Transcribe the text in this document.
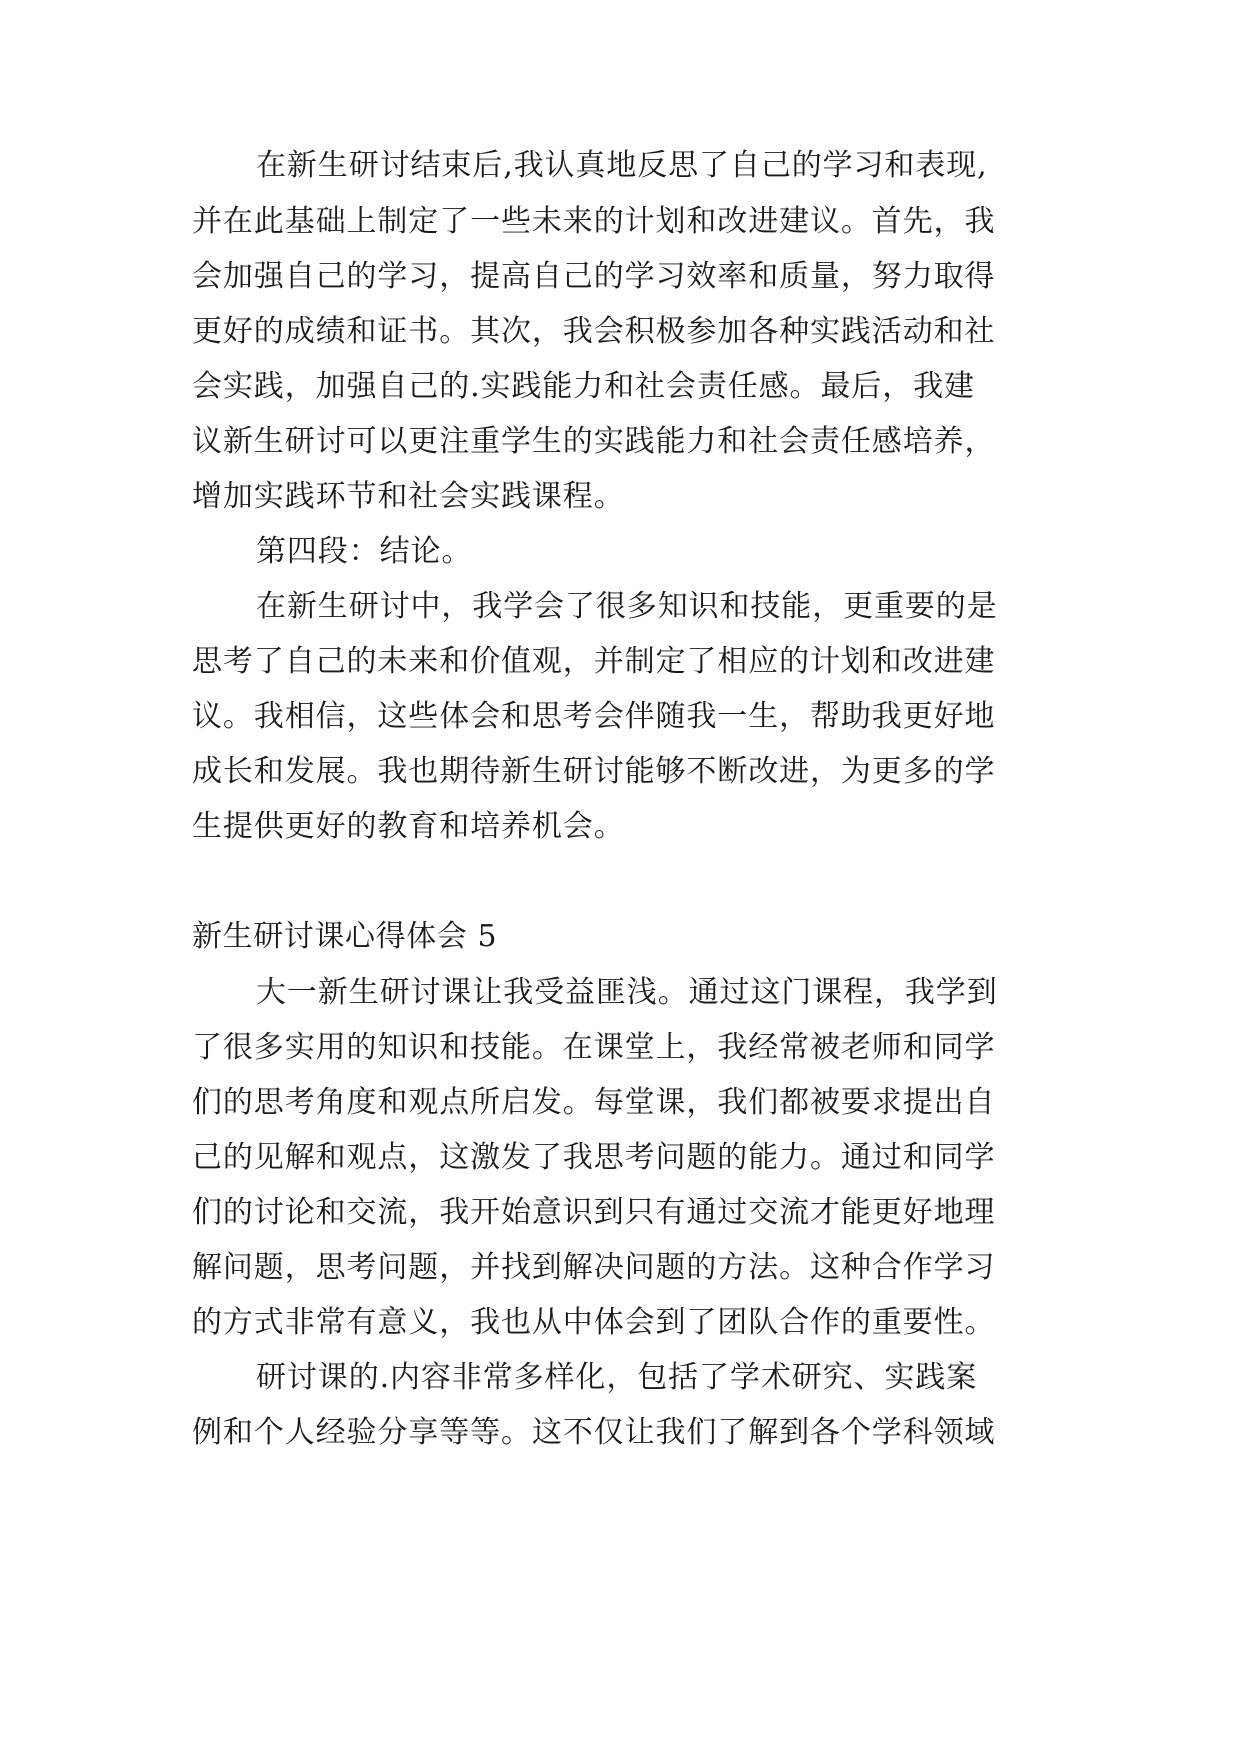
在新生研讨结束后,我认真地反思了自己的学习和表现,
并在此基础上制定了一些未来的计划和改进建议。首先，我
会加强自己的学习，提高自己的学习效率和质量，努力取得
更好的成绩和证书。其次，我会积极参加各种实践活动和社
会实践，加强自己的.实践能力和社会责任感。最后，我建
议新生研讨可以更注重学生的实践能力和社会责任感培养，
增加实践环节和社会实践课程。
第四段：结论。
在新生研讨中，我学会了很多知识和技能，更重要的是
思考了自己的未来和价值观，并制定了相应的计划和改进建
议。我相信，这些体会和思考会伴随我一生，帮助我更好地
成长和发展。我也期待新生研讨能够不断改进，为更多的学
生提供更好的教育和培养机会。
新生研讨课心得体会 5
大一新生研讨课让我受益匪浅。通过这门课程，我学到
了很多实用的知识和技能。在课堂上，我经常被老师和同学
们的思考角度和观点所启发。每堂课，我们都被要求提出自
己的见解和观点，这激发了我思考问题的能力。通过和同学
们的讨论和交流，我开始意识到只有通过交流才能更好地理
解问题，思考问题，并找到解决问题的方法。这种合作学习
的方式非常有意义，我也从中体会到了团队合作的重要性。
研讨课的.内容非常多样化，包括了学术研究、实践案
例和个人经验分享等等。这不仅让我们了解到各个学科领域
